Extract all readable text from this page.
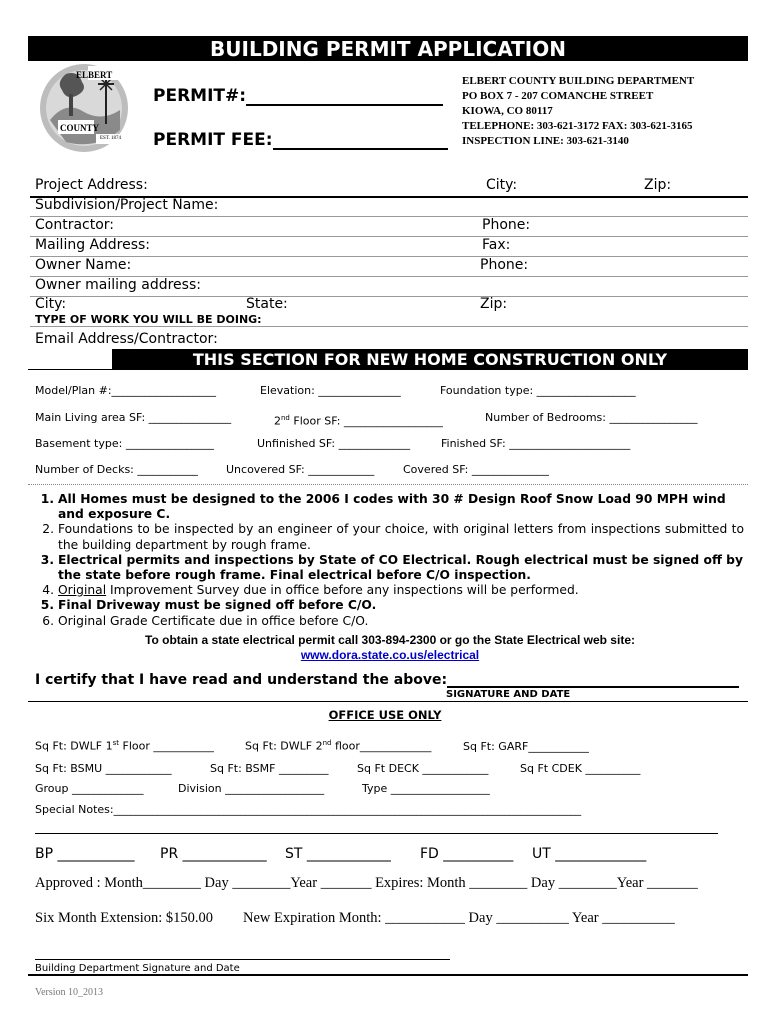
BUILDING PERMIT APPLICATION
ELBERT
COUNTY
EST. 1874
PERMIT#:
PERMIT FEE:
ELBERT COUNTY BUILDING DEPARTMENT
PO BOX 7 - 207 COMANCHE STREET
KIOWA, CO 80117
TELEPHONE: 303-621-3172 FAX: 303-621-3165
INSPECTION LINE: 303-621-3140
Project Address:	City:	Zip:
Subdivision/Project Name:
Contractor:	Phone:
Mailing Address:	Fax:
Owner Name:	Phone:
Owner mailing address:
City:	State:	Zip:
TYPE OF WORK YOU WILL BE DOING:
Email Address/Contractor:
THIS SECTION FOR NEW HOME CONSTRUCTION ONLY
Model/Plan #:___________________	Elevation: _______________	Foundation type: __________________
Main Living area SF: _______________	2nd Floor SF: __________________	Number of Bedrooms: ________________
Basement type: ________________	Unfinished SF: _____________	Finished SF: ______________________
Number of Decks: ___________	Uncovered SF: ____________	Covered SF: ______________
1. All Homes must be designed to the 2006 I codes with 30 # Design Roof Snow Load 90 MPH wind and exposure C.
2. Foundations to be inspected by an engineer of your choice, with original letters from inspections submitted to the building department by rough frame.
3. Electrical permits and inspections by State of CO Electrical. Rough electrical must be signed off by the state before rough frame. Final electrical before C/O inspection.
4. Original Improvement Survey due in office before any inspections will be performed.
5. Final Driveway must be signed off before C/O.
6. Original Grade Certificate due in office before C/O.
To obtain a state electrical permit call 303-894-2300 or go the State Electrical web site:
www.dora.state.co.us/electrical
I certify that I have read and understand the above:
SIGNATURE AND DATE
OFFICE USE ONLY
Sq Ft: DWLF 1st Floor ___________	Sq Ft: DWLF 2nd floor_____________	Sq Ft: GARF___________
Sq Ft: BSMU ____________	Sq Ft: BSMF _________	Sq Ft DECK ____________	Sq Ft CDEK __________
Group _____________	Division __________________	Type __________________
Special Notes:_____________________________________________________________________________________
BP ___________ PR ____________ ST ____________ FD __________ UT _____________
Approved : Month________ Day ________Year _______ Expires: Month ________ Day ________Year _______
Six Month Extension: $150.00 New Expiration Month: ___________ Day __________ Year __________
Building Department Signature and Date
Version 10_2013
